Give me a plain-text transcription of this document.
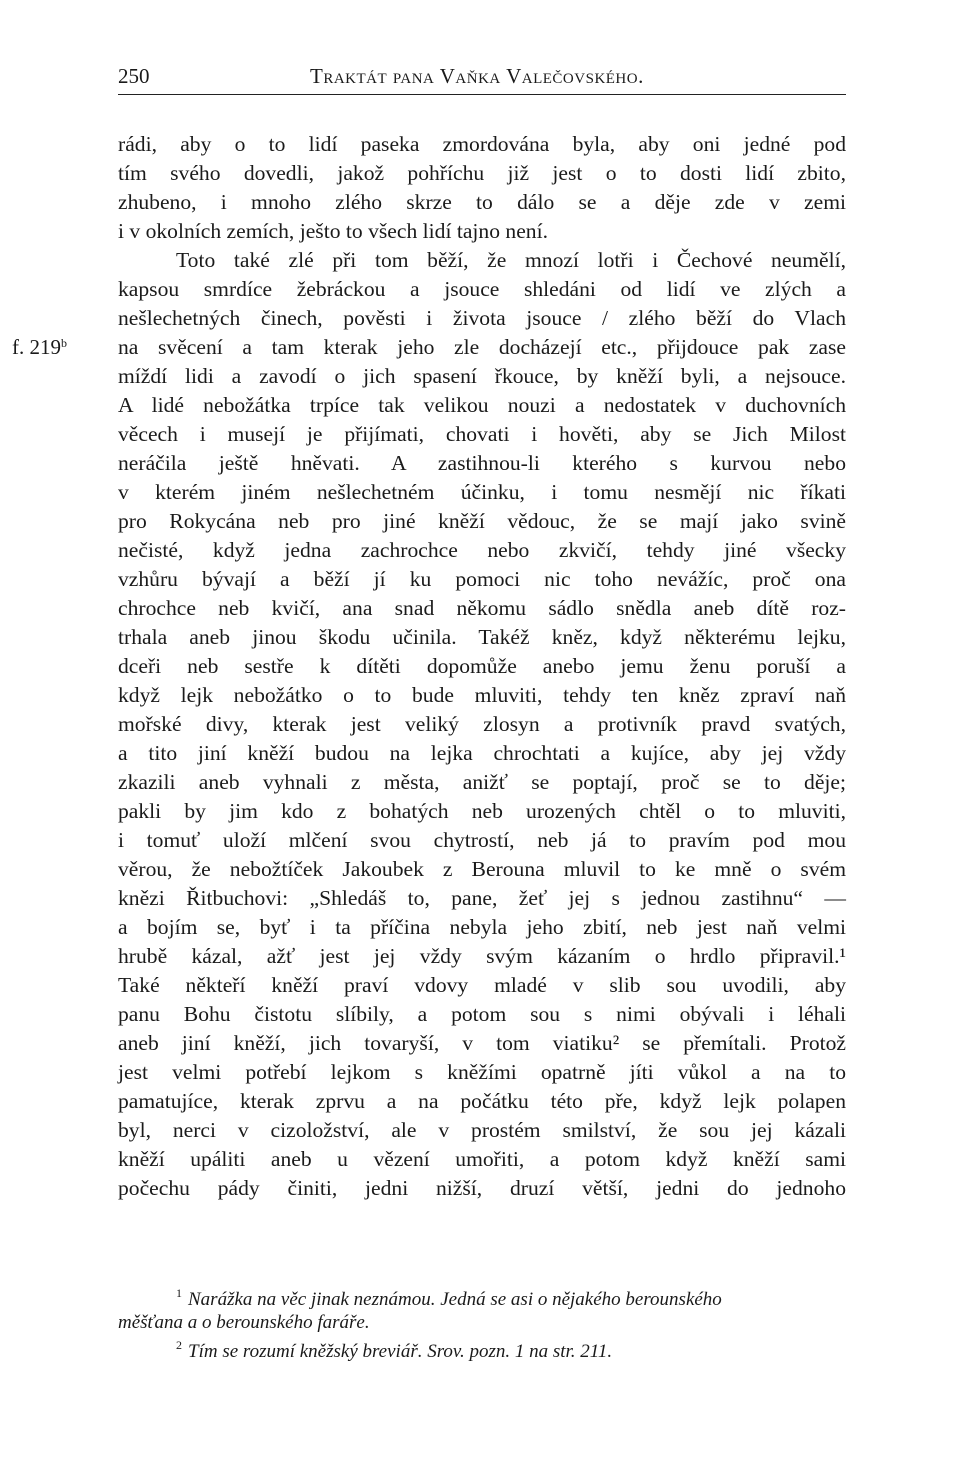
250	Traktát pana Vaňka Valečovského.
f. 219$^b$
rádi, aby o to lidí paseka zmordována byla, aby oni jedné pod
tím svého dovedli, jakož pohříchu již jest o to dosti lidí zbito,
zhubeno, i mnoho zlého skrze to dálo se a děje zde v zemi
i v okolních zemích, ješto to všech lidí tajno není.
Toto také zlé při tom běží, že mnozí lotři i Čechové neumělí,
kapsou smrdíce žebráckou a jsouce shledáni od lidí ve zlých a
nešlechetných činech, pověsti i života jsouce / zlého běží do Vlach
na svěcení a tam kterak jeho zle docházejí etc., přijdouce pak zase
míždí lidi a zavodí o jich spasení řkouce, by kněží byli, a nejsouce.
A lidé nebožátka trpíce tak velikou nouzi a nedostatek v duchovních
věcech i musejí je přijímati, chovati i hověti, aby se Jich Milost
neráčila ještě hněvati. A zastihnou-li kterého s kurvou nebo
v kterém jiném nešlechetném účinku, i tomu nesmějí nic říkati
pro Rokycána neb pro jiné kněží vědouc, že se mají jako svině
nečisté, když jedna zachrochce nebo zkvičí, tehdy jiné všecky
vzhůru bývají a běží jí ku pomoci nic toho nevážíc, proč ona
chrochce neb kvičí, ana snad někomu sádlo snědla aneb dítě roz-
trhala aneb jinou škodu učinila. Takéž kněz, když některému lejku,
dceři neb sestře k dítěti dopomůže anebo jemu ženu poruší a
když lejk nebožátko o to bude mluviti, tehdy ten kněz zpraví naň
mořské divy, kterak jest veliký zlosyn a protivník pravd svatých,
a tito jiní kněží budou na lejka chrochtati a kujíce, aby jej vždy
zkazili aneb vyhnali z města, anižť se poptají, proč se to děje;
pakli by jim kdo z bohatých neb urozených chtěl o to mluviti,
i tomuť uloží mlčení svou chytrostí, neb já to pravím pod mou
věrou, že nebožtíček Jakoubek z Berouna mluvil to ke mně o svém
knězi Řitbuchovi: „Shledáš to, pane, žeť jej s jednou zastihnu“ —
a bojím se, byť i ta příčina nebyla jeho zbití, neb jest naň velmi
hrubě kázal, ažť jest jej vždy svým kázaním o hrdlo připravil.¹
Také někteří kněží praví vdovy mladé v slib sou uvodili, aby
panu Bohu čistotu slíbily, a potom sou s nimi obývali i léhali
aneb jiní kněží, jich tovaryší, v tom viatiku² se přemítali. Protož
jest velmi potřebí lejkom s kněžími opatrně jíti vůkol a na to
pamatujíce, kterak zprvu a na počátku této pře, když lejk polapen
byl, nerci v cizoložství, ale v prostém smilství, že sou jej kázali
kněží upáliti aneb u vězení umořiti, a potom když kněží sami
počechu pády činiti, jedni nižší, druzí větší, jedni do jednoho
$^1$ Narážka na věc jinak neznámou. Jedná se asi o nějakého berounského
měšťana a o berounského faráře.
$^2$ Tím se rozumí kněžský breviář. Srov. pozn. 1 na str. 211.
